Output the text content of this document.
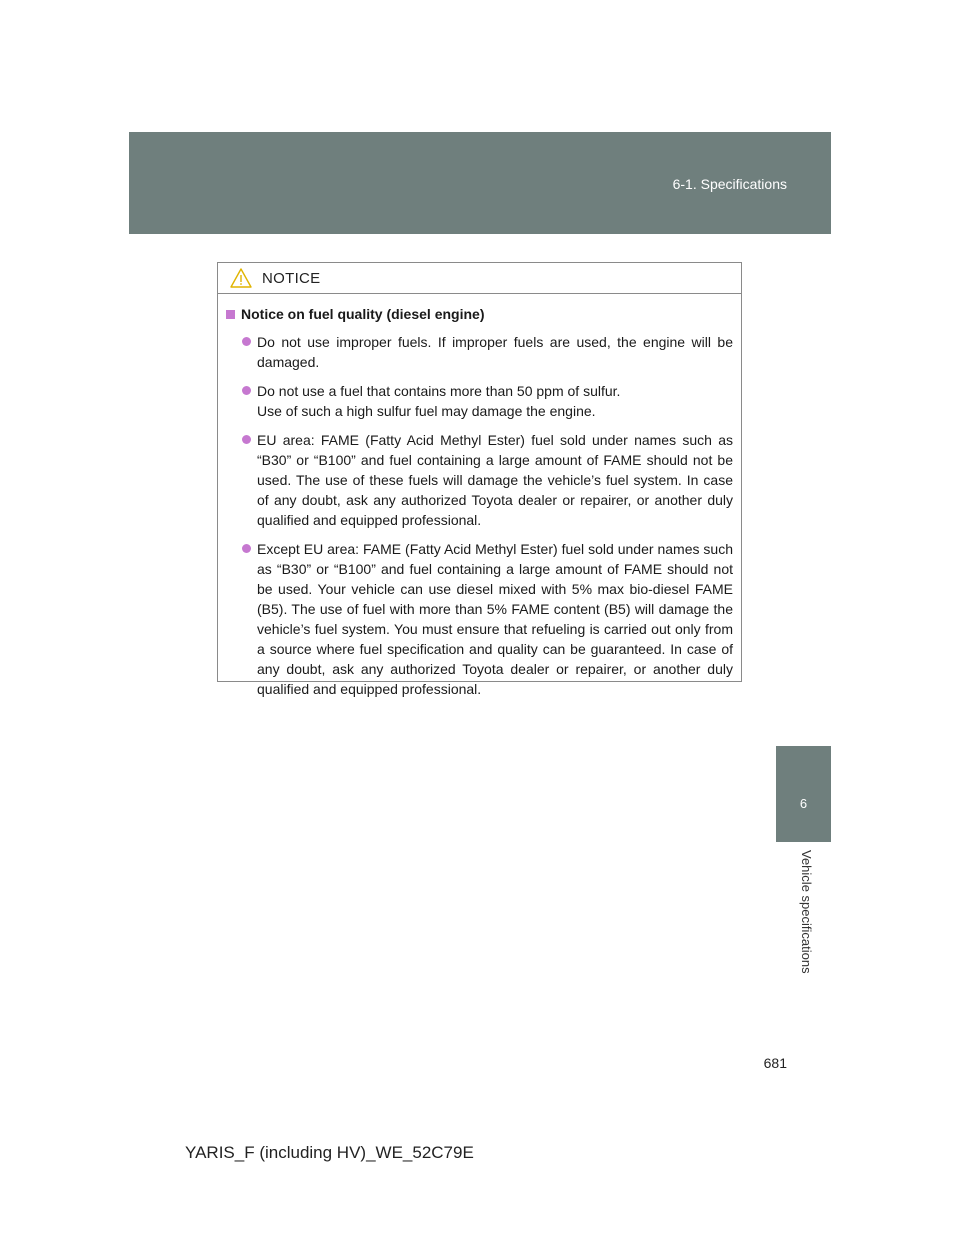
6-1. Specifications
6
Vehicle specifications
NOTICE
Notice on fuel quality (diesel engine)
Do not use improper fuels. If improper fuels are used, the engine will be damaged.
Do not use a fuel that contains more than 50 ppm of sulfur.
Use of such a high sulfur fuel may damage the engine.
EU area: FAME (Fatty Acid Methyl Ester) fuel sold under names such as “B30” or “B100” and fuel containing a large amount of FAME should not be used. The use of these fuels will damage the vehicle’s fuel system. In case of any doubt, ask any authorized Toyota dealer or repairer, or another duly qualified and equipped professional.
Except EU area: FAME (Fatty Acid Methyl Ester) fuel sold under names such as “B30” or “B100” and fuel containing a large amount of FAME should not be used. Your vehicle can use diesel mixed with 5% max bio-diesel FAME (B5). The use of fuel with more than 5% FAME content (B5) will damage the vehicle’s fuel system. You must ensure that refueling is carried out only from a source where fuel specification and quality can be guaranteed. In case of any doubt, ask any authorized Toyota dealer or repairer, or another duly qualified and equipped professional.
681
YARIS_F (including HV)_WE_52C79E
